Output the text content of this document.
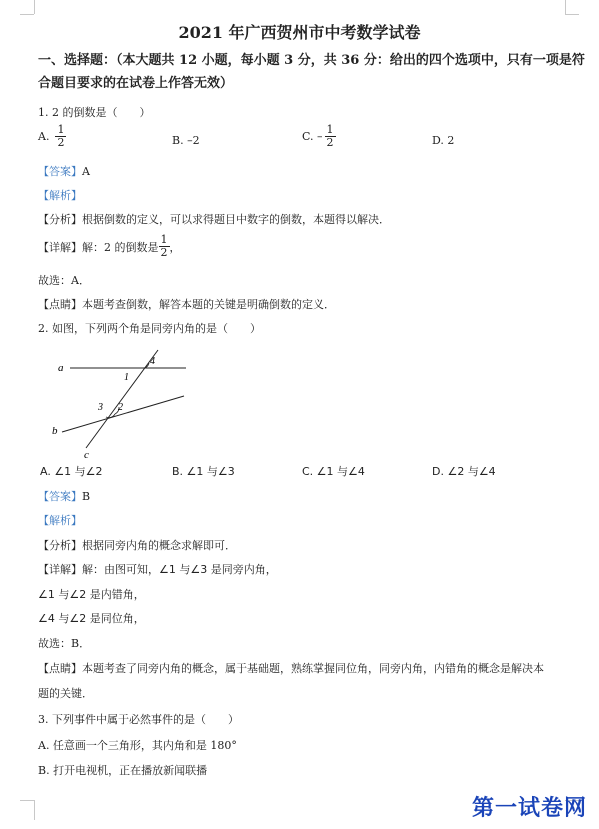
2021 年广西贺州市中考数学试卷
一、选择题：（本大题共 12 小题，每小题 3 分，共 36 分：给出的四个选项中，只有一项是符
合题目要求的在试卷上作答无效）
1. 2 的倒数是（　　）
A. $\frac{1}{2}$	B. –2	C. – $\frac{1}{2}$	D. 2
【答案】A
【解析】
【分析】根据倒数的定义，可以求得题目中数字的倒数，本题得以解决．
【详解】 解：2 的倒数是 $\frac{1}{2}$ ，
故选：A．
【点睛】本题考查倒数，解答本题的关键是明确倒数的定义．
2. 如图，下列两个角是同旁内角的是（　　）
a
b
c
1
2
3
4
A. ∠1 与∠2	B. ∠1 与∠3	C. ∠1 与∠4	D. ∠2 与∠4
【答案】B
【解析】
【分析】根据同旁内角的概念求解即可．
【详解】解：由图可知，∠1 与∠3 是同旁内角，
∠1 与∠2 是内错角，
∠4 与∠2 是同位角，
故选：B．
【点睛】本题考查了同旁内角的概念，属于基础题，熟练掌握同位角，同旁内角，内错角的概念是解决本
题的关键．
3. 下列事件中属于必然事件的是（　　）
A. 任意画一个三角形，其内角和是 180°
B. 打开电视机，正在播放新闻联播
第一试卷网
